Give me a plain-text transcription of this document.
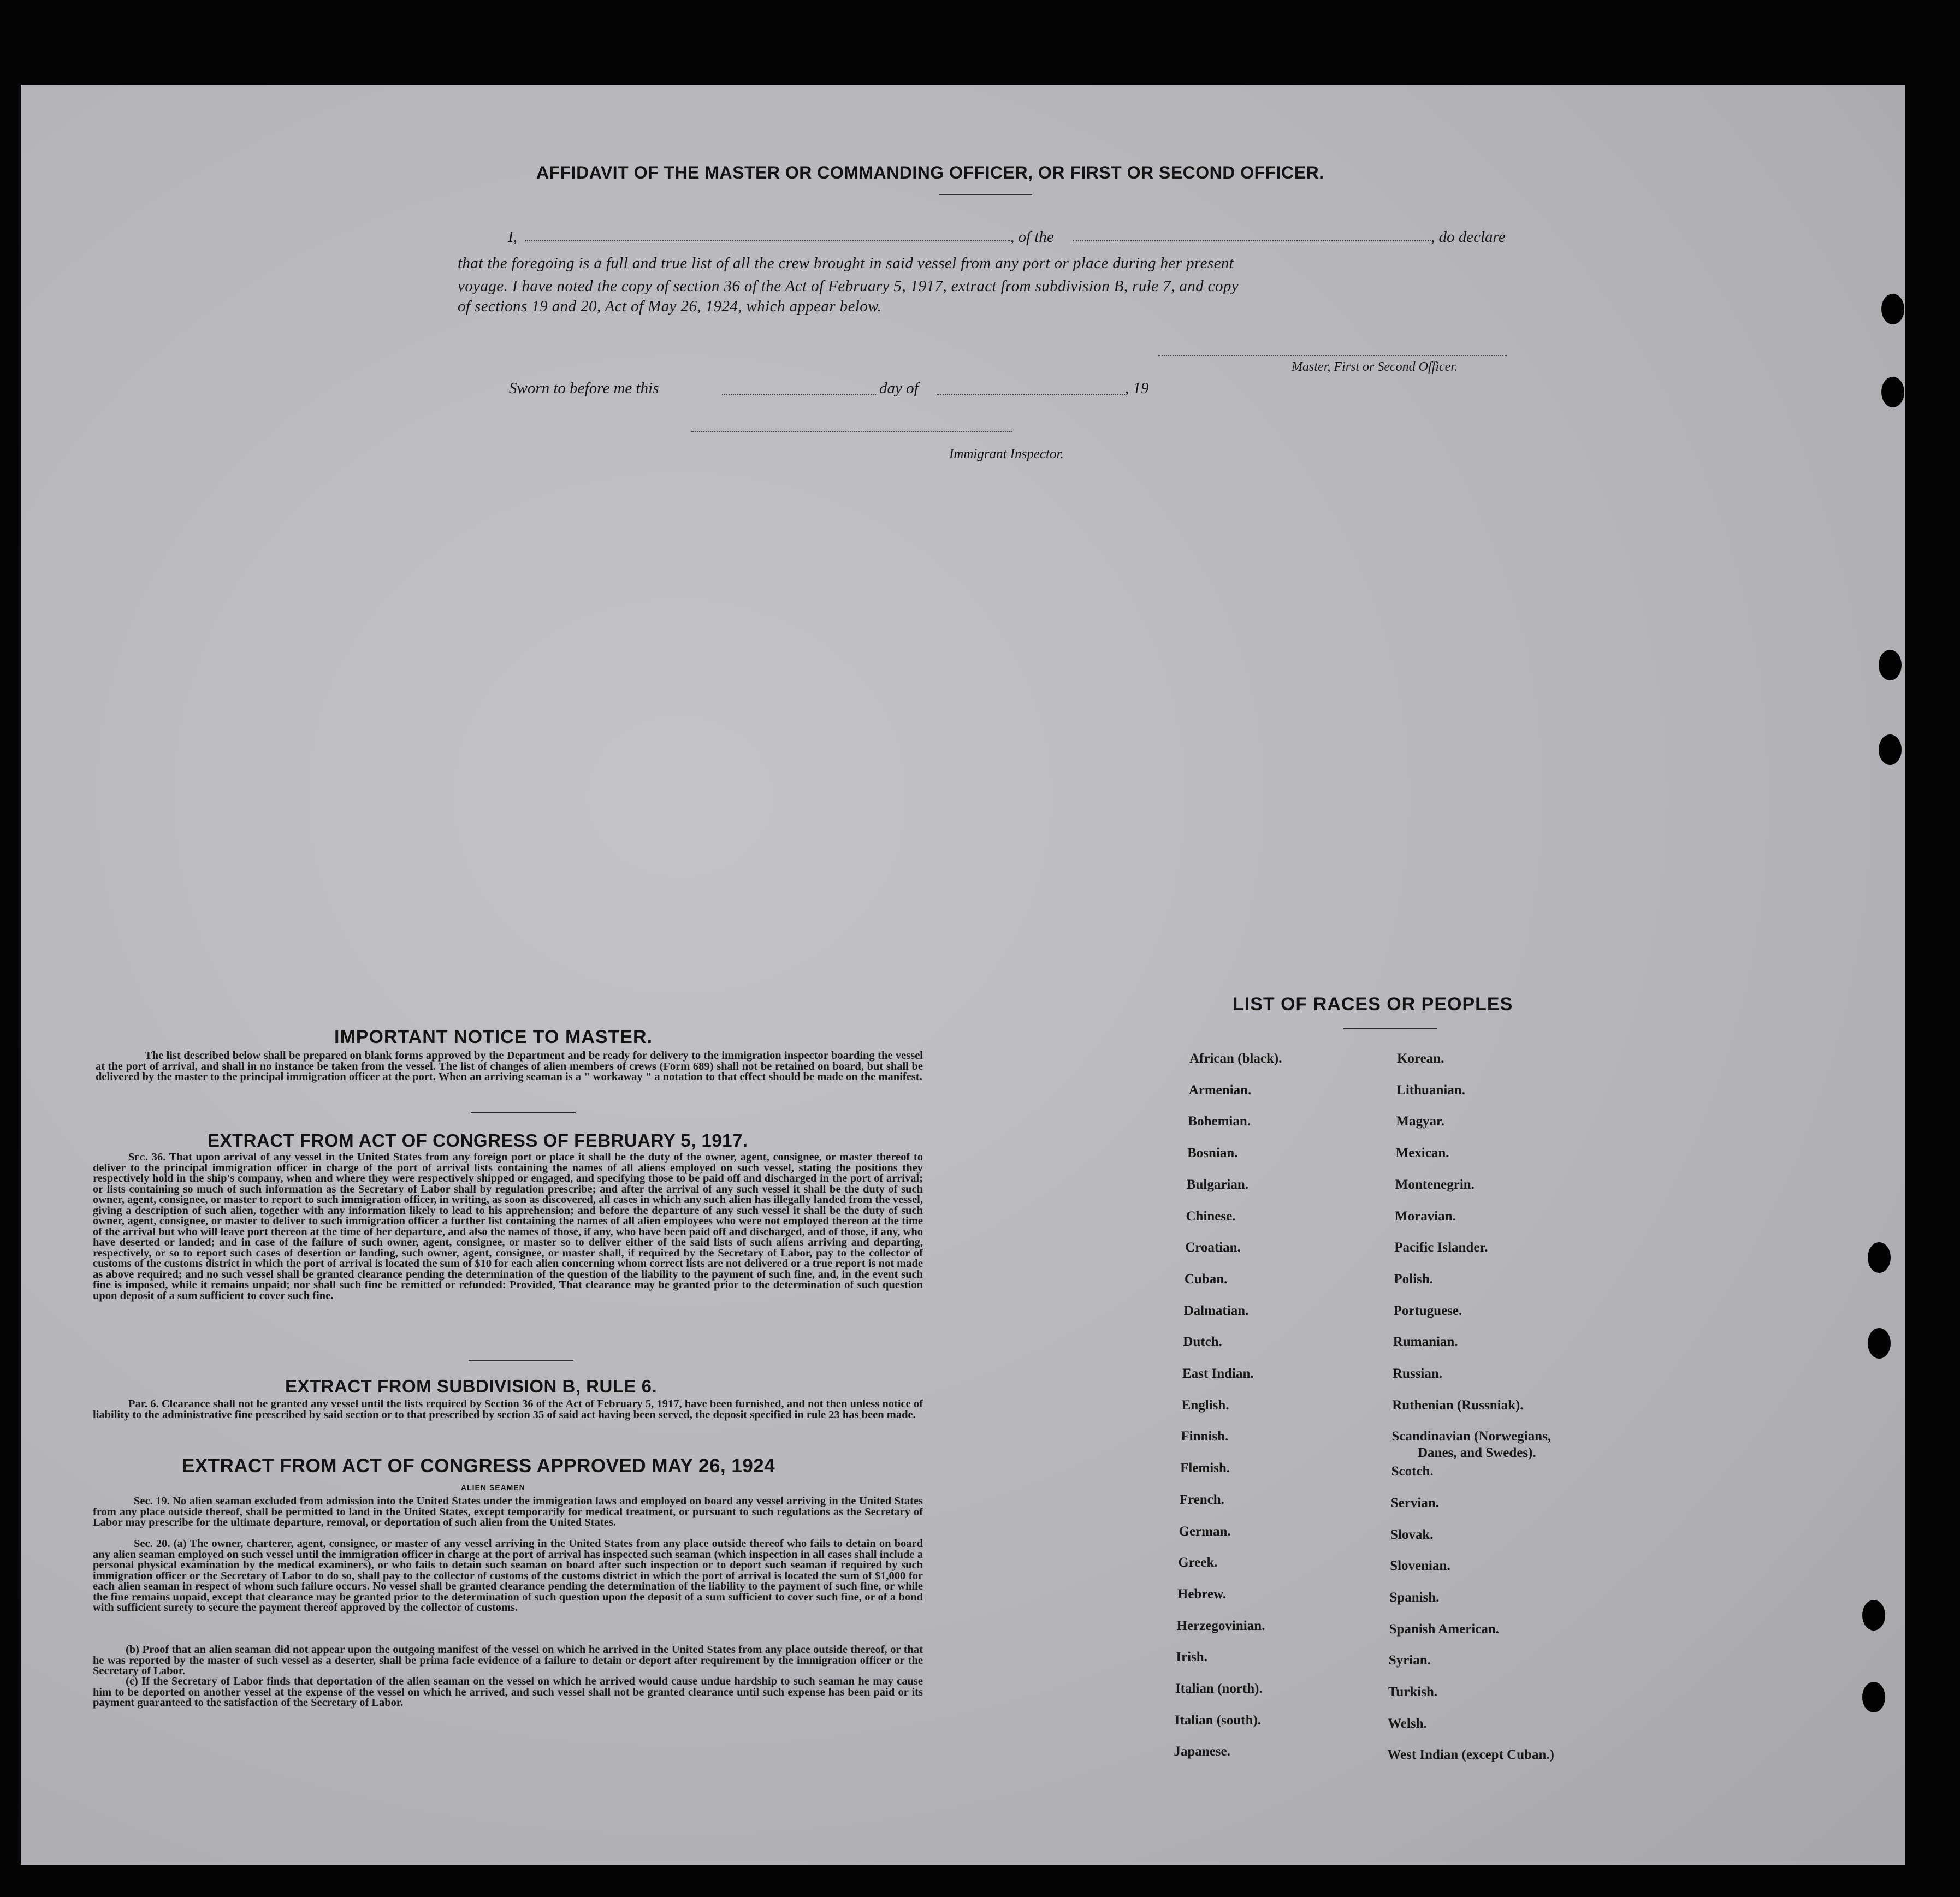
AFFIDAVIT OF THE MASTER OR COMMANDING OFFICER, OR FIRST OR SECOND OFFICER.
I,	, of the	, do declare
that the foregoing is a full and true list of all the crew brought in said vessel from any port or place during her present
voyage. I have noted the copy of section 36 of the Act of February 5, 1917, extract from subdivision B, rule 7, and copy
of sections 19 and 20, Act of May 26, 1924, which appear below.
Master, First or Second Officer.
Sworn to before me this	day of	, 19
Immigrant Inspector.
IMPORTANT NOTICE TO MASTER.
The list described below shall be prepared on blank forms approved by the Department and be ready for delivery to the immigration inspector boarding the vessel at the port of arrival, and shall in no instance be taken from the vessel. The list of changes of alien members of crews (Form 689) shall not be retained on board, but shall be delivered by the master to the principal immigration officer at the port. When an arriving seaman is a " workaway " a notation to that effect should be made on the manifest.
EXTRACT FROM ACT OF CONGRESS OF FEBRUARY 5, 1917.
Sec. 36. That upon arrival of any vessel in the United States from any foreign port or place it shall be the duty of the owner, agent, consignee, or master thereof to deliver to the principal immigration officer in charge of the port of arrival lists containing the names of all aliens employed on such vessel, stating the positions they respectively hold in the ship's company, when and where they were respectively shipped or engaged, and specifying those to be paid off and discharged in the port of arrival; or lists containing so much of such information as the Secretary of Labor shall by regulation prescribe; and after the arrival of any such vessel it shall be the duty of such owner, agent, consignee, or master to report to such immigration officer, in writing, as soon as discovered, all cases in which any such alien has illegally landed from the vessel, giving a description of such alien, together with any information likely to lead to his apprehension; and before the departure of any such vessel it shall be the duty of such owner, agent, consignee, or master to deliver to such immigration officer a further list containing the names of all alien employees who were not employed thereon at the time of the arrival but who will leave port thereon at the time of her departure, and also the names of those, if any, who have been paid off and discharged, and of those, if any, who have deserted or landed; and in case of the failure of such owner, agent, consignee, or master so to deliver either of the said lists of such aliens arriving and departing, respectively, or so to report such cases of desertion or landing, such owner, agent, consignee, or master shall, if required by the Secretary of Labor, pay to the collector of customs of the customs district in which the port of arrival is located the sum of $10 for each alien concerning whom correct lists are not delivered or a true report is not made as above required; and no such vessel shall be granted clearance pending the determination of the question of the liability to the payment of such fine, and, in the event such fine is imposed, while it remains unpaid; nor shall such fine be remitted or refunded: Provided, That clearance may be granted prior to the determination of such question upon deposit of a sum sufficient to cover such fine.
EXTRACT FROM SUBDIVISION B, RULE 6.
Par. 6. Clearance shall not be granted any vessel until the lists required by Section 36 of the Act of February 5, 1917, have been furnished, and not then unless notice of liability to the administrative fine prescribed by said section or to that prescribed by section 35 of said act having been served, the deposit specified in rule 23 has been made.
EXTRACT FROM ACT OF CONGRESS APPROVED MAY 26, 1924
ALIEN SEAMEN
Sec. 19. No alien seaman excluded from admission into the United States under the immigration laws and employed on board any vessel arriving in the United States from any place outside thereof, shall be permitted to land in the United States, except temporarily for medical treatment, or pursuant to such regulations as the Secretary of Labor may prescribe for the ultimate departure, removal, or deportation of such alien from the United States.
Sec. 20. (a) The owner, charterer, agent, consignee, or master of any vessel arriving in the United States from any place outside thereof who fails to detain on board any alien seaman employed on such vessel until the immigration officer in charge at the port of arrival has inspected such seaman (which inspection in all cases shall include a personal physical examination by the medical examiners), or who fails to detain such seaman on board after such inspection or to deport such seaman if required by such immigration officer or the Secretary of Labor to do so, shall pay to the collector of customs of the customs district in which the port of arrival is located the sum of $1,000 for each alien seaman in respect of whom such failure occurs. No vessel shall be granted clearance pending the determination of the liability to the payment of such fine, or while the fine remains unpaid, except that clearance may be granted prior to the determination of such question upon the deposit of a sum sufficient to cover such fine, or of a bond with sufficient surety to secure the payment thereof approved by the collector of customs.
(b) Proof that an alien seaman did not appear upon the outgoing manifest of the vessel on which he arrived in the United States from any place outside thereof, or that he was reported by the master of such vessel as a deserter, shall be prima facie evidence of a failure to detain or deport after requirement by the immigration officer or the Secretary of Labor.
(c) If the Secretary of Labor finds that deportation of the alien seaman on the vessel on which he arrived would cause undue hardship to such seaman he may cause him to be deported on another vessel at the expense of the vessel on which he arrived, and such vessel shall not be granted clearance until such expense has been paid or its payment guaranteed to the satisfaction of the Secretary of Labor.
LIST OF RACES OR PEOPLES
African (black).
Armenian.
Bohemian.
Bosnian.
Bulgarian.
Chinese.
Croatian.
Cuban.
Dalmatian.
Dutch.
East Indian.
English.
Finnish.
Flemish.
French.
German.
Greek.
Hebrew.
Herzegovinian.
Irish.
Italian (north).
Italian (south).
Japanese.
Korean.
Lithuanian.
Magyar.
Mexican.
Montenegrin.
Moravian.
Pacific Islander.
Polish.
Portuguese.
Rumanian.
Russian.
Ruthenian (Russniak).
Scandinavian (Norwegians,
Scotch.
Servian.
Slovak.
Slovenian.
Spanish.
Spanish American.
Syrian.
Turkish.
Welsh.
West Indian (except Cuban.)
Danes, and Swedes).
